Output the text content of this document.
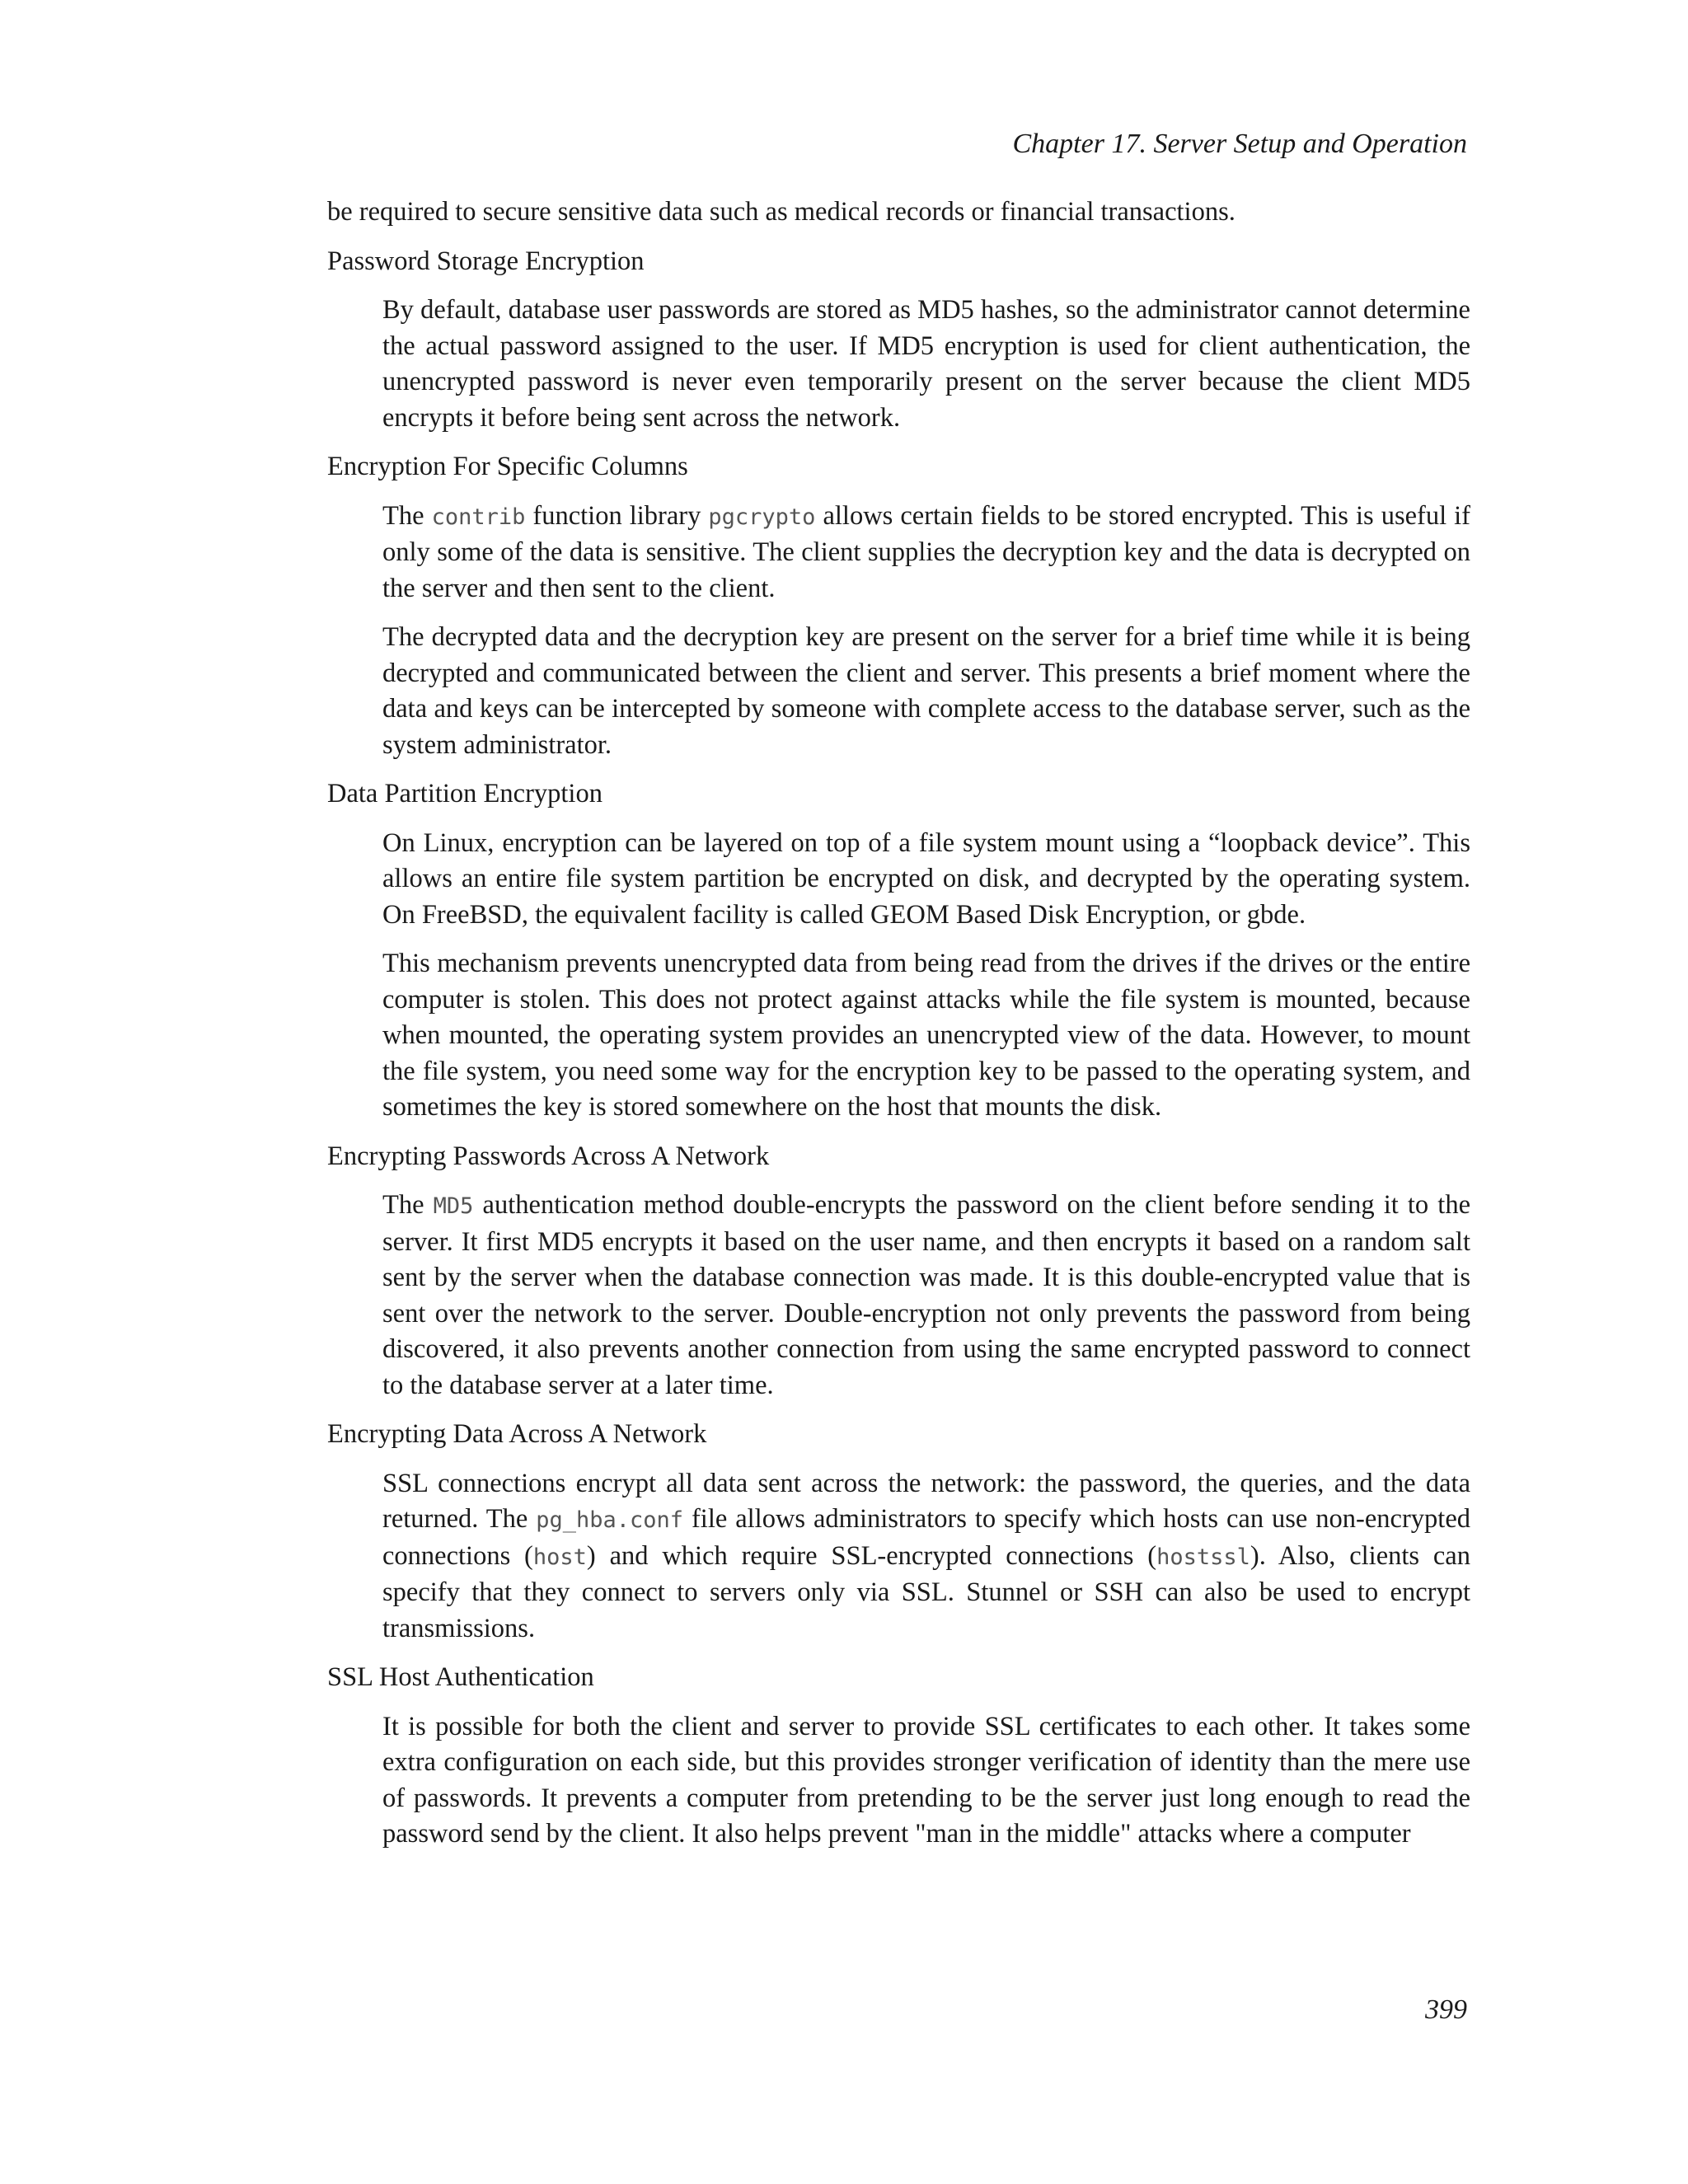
Chapter 17. Server Setup and Operation

be required to secure sensitive data such as medical records or financial transactions.

Password Storage Encryption

By default, database user passwords are stored as MD5 hashes, so the administrator cannot determine the actual password assigned to the user. If MD5 encryption is used for client authentication, the unencrypted password is never even temporarily present on the server because the client MD5 encrypts it before being sent across the network.

Encryption For Specific Columns

The contrib function library pgcrypto allows certain fields to be stored encrypted. This is useful if only some of the data is sensitive. The client supplies the decryption key and the data is decrypted on the server and then sent to the client.

The decrypted data and the decryption key are present on the server for a brief time while it is being decrypted and communicated between the client and server. This presents a brief moment where the data and keys can be intercepted by someone with complete access to the database server, such as the system administrator.

Data Partition Encryption

On Linux, encryption can be layered on top of a file system mount using a “loopback device”. This allows an entire file system partition be encrypted on disk, and decrypted by the operating system. On FreeBSD, the equivalent facility is called GEOM Based Disk Encryption, or gbde.

This mechanism prevents unencrypted data from being read from the drives if the drives or the entire computer is stolen. This does not protect against attacks while the file system is mounted, because when mounted, the operating system provides an unencrypted view of the data. However, to mount the file system, you need some way for the encryption key to be passed to the operating system, and sometimes the key is stored somewhere on the host that mounts the disk.

Encrypting Passwords Across A Network

The MD5 authentication method double-encrypts the password on the client before sending it to the server. It first MD5 encrypts it based on the user name, and then encrypts it based on a random salt sent by the server when the database connection was made. It is this double-encrypted value that is sent over the network to the server. Double-encryption not only prevents the password from being discovered, it also prevents another connection from using the same encrypted password to connect to the database server at a later time.

Encrypting Data Across A Network

SSL connections encrypt all data sent across the network: the password, the queries, and the data returned. The pg_hba.conf file allows administrators to specify which hosts can use non-encrypted connections (host) and which require SSL-encrypted connections (hostssl). Also, clients can specify that they connect to servers only via SSL. Stunnel or SSH can also be used to encrypt transmissions.

SSL Host Authentication

It is possible for both the client and server to provide SSL certificates to each other. It takes some extra configuration on each side, but this provides stronger verification of identity than the mere use of passwords. It prevents a computer from pretending to be the server just long enough to read the password send by the client. It also helps prevent "man in the middle" attacks where a computer

399
